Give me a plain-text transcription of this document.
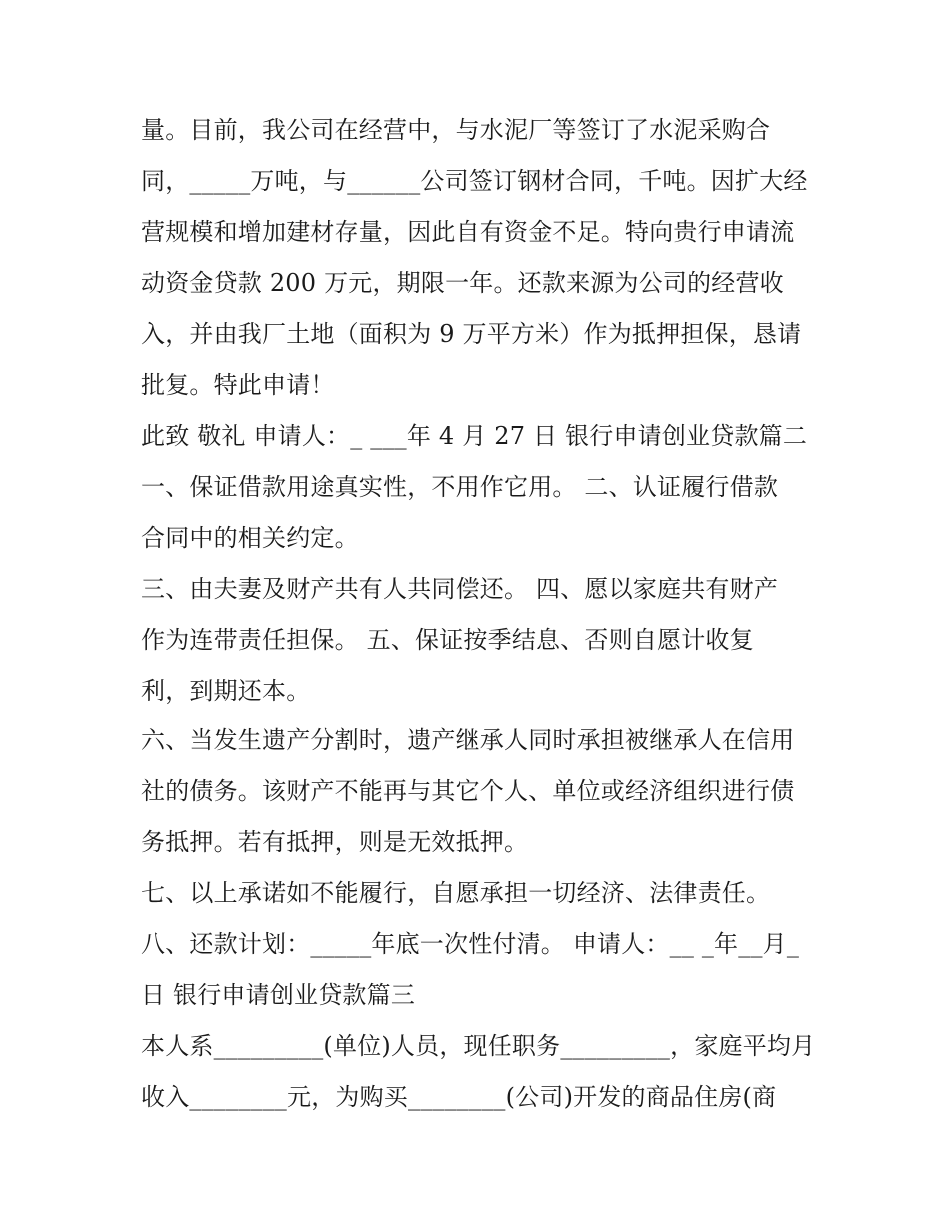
量。目前，我公司在经营中，与水泥厂等签订了水泥采购合
同，_____万吨，与______公司签订钢材合同，千吨。因扩大经
营规模和增加建材存量，因此自有资金不足。特向贵行申请流
动资金贷款 200 万元，期限一年。还款来源为公司的经营收
入，并由我厂土地（面积为 9 万平方米）作为抵押担保，恳请
批复。特此申请！
此致 敬礼 申请人：_ ___年 4 月 27 日 银行申请创业贷款篇二
一、保证借款用途真实性，不用作它用。 二、认证履行借款
合同中的相关约定。
三、由夫妻及财产共有人共同偿还。 四、愿以家庭共有财产
作为连带责任担保。 五、保证按季结息、否则自愿计收复
利，到期还本。
六、当发生遗产分割时，遗产继承人同时承担被继承人在信用
社的债务。该财产不能再与其它个人、单位或经济组织进行债
务抵押。若有抵押，则是无效抵押。
七、以上承诺如不能履行，自愿承担一切经济、法律责任。
八、还款计划：_____年底一次性付清。 申请人：__ _年__月_
日 银行申请创业贷款篇三
本人系_________(单位)人员，现任职务_________，家庭平均月
收入________元，为购买________(公司)开发的商品住房(商
